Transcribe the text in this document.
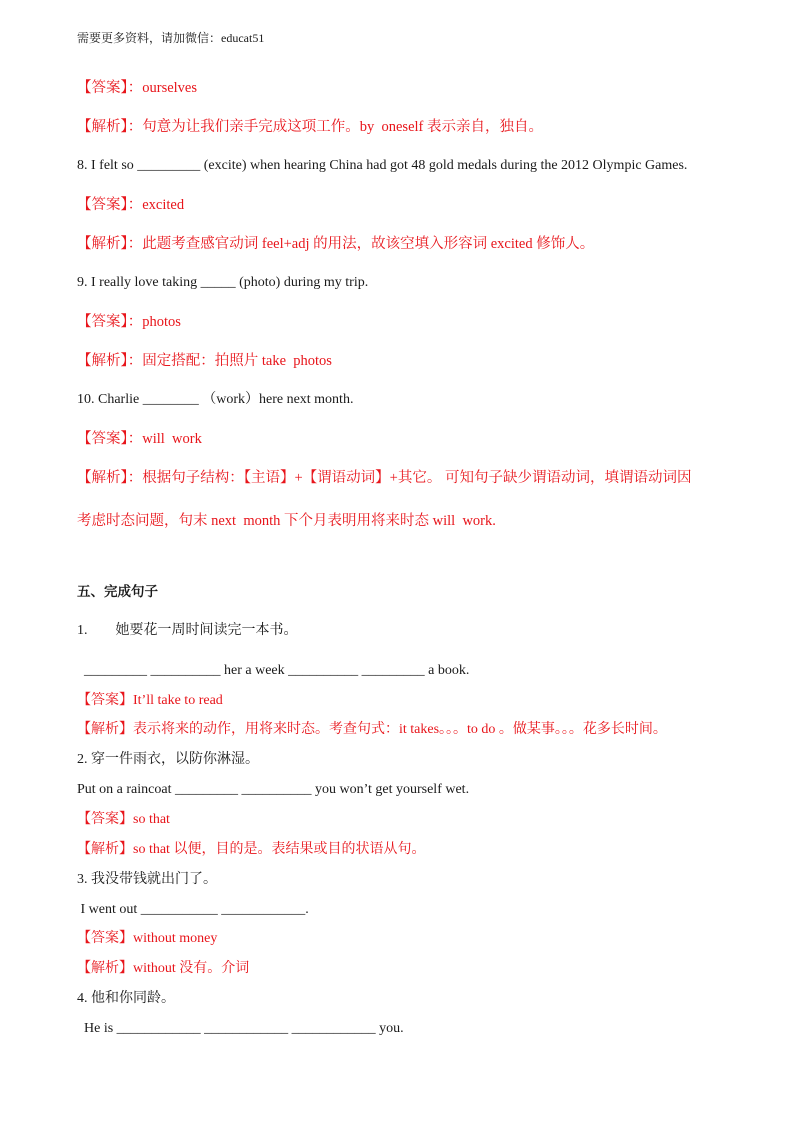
需要更多资料，请加微信：educat51
【答案】：ourselves
【解析】：句意为让我们亲手完成这项工作。by  oneself 表示亲自，独自。
8. I felt so _________ (excite) when hearing China had got 48 gold medals during the 2012 Olympic Games.
【答案】：excited
【解析】：此题考查感官动词 feel+adj 的用法，故该空填入形容词 excited 修饰人。
9. I really love taking _____ (photo) during my trip.
【答案】：photos
【解析】：固定搭配：拍照片 take  photos
10. Charlie ________ （work）here next month.
【答案】：will  work
【解析】：根据句子结构：【主语】+【谓语动词】+其它。 可知句子缺少谓语动词，填谓语动词因
考虑时态问题，句末 next  month 下个月表明用将来时态 will  work.
五、完成句子
1.        她要花一周时间读完一本书。
_________ __________ her a week __________ _________ a book.
【答案】It’ll take to read
【解析】表示将来的动作，用将来时态。考查句式：it takes。。。to do 。做某事。。。花多长时间。
2. 穿一件雨衣，以防你淋湿。
Put on a raincoat _________ __________ you won’t get yourself wet.
【答案】so that
【解析】so that 以便，目的是。表结果或目的状语从句。
3. 我没带钱就出门了。
I went out ___________ ____________.
【答案】without money
【解析】without 没有。介词
4. 他和你同龄。
He is ____________ ____________ ____________ you.
